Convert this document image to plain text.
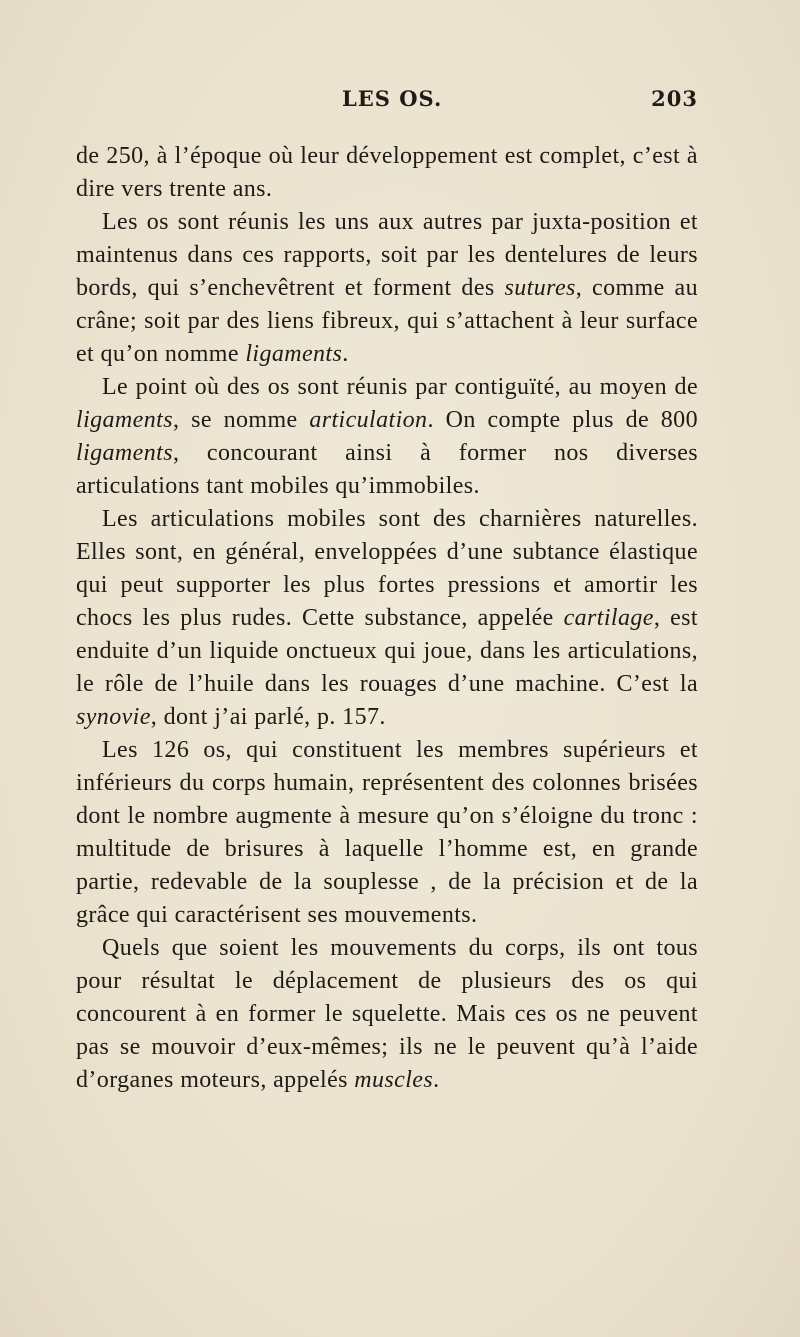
LES OS.	203

de 250, à l’époque où leur développement est complet, c’est à dire vers trente ans.

Les os sont réunis les uns aux autres par juxta-position et maintenus dans ces rapports, soit par les dentelures de leurs bords, qui s’enchevêtrent et forment des sutures, comme au crâne; soit par des liens fibreux, qui s’attachent à leur surface et qu’on nomme ligaments.

Le point où des os sont réunis par contiguïté, au moyen de ligaments, se nomme articulation. On compte plus de 800 ligaments, concourant ainsi à former nos diverses articulations tant mobiles qu’immobiles.

Les articulations mobiles sont des charnières naturelles. Elles sont, en général, enveloppées d’une subtance élastique qui peut supporter les plus fortes pressions et amortir les chocs les plus rudes. Cette substance, appelée cartilage, est enduite d’un liquide onctueux qui joue, dans les articulations, le rôle de l’huile dans les rouages d’une machine. C’est la synovie, dont j’ai parlé, p. 157.

Les 126 os, qui constituent les membres supérieurs et inférieurs du corps humain, représentent des colonnes brisées dont le nombre augmente à mesure qu’on s’éloigne du tronc : multitude de brisures à laquelle l’homme est, en grande partie, redevable de la souplesse , de la précision et de la grâce qui caractérisent ses mouvements.

Quels que soient les mouvements du corps, ils ont tous pour résultat le déplacement de plusieurs des os qui concourent à en former le squelette. Mais ces os ne peuvent pas se mouvoir d’eux-mêmes; ils ne le peuvent qu’à l’aide d’organes moteurs, appelés muscles.
